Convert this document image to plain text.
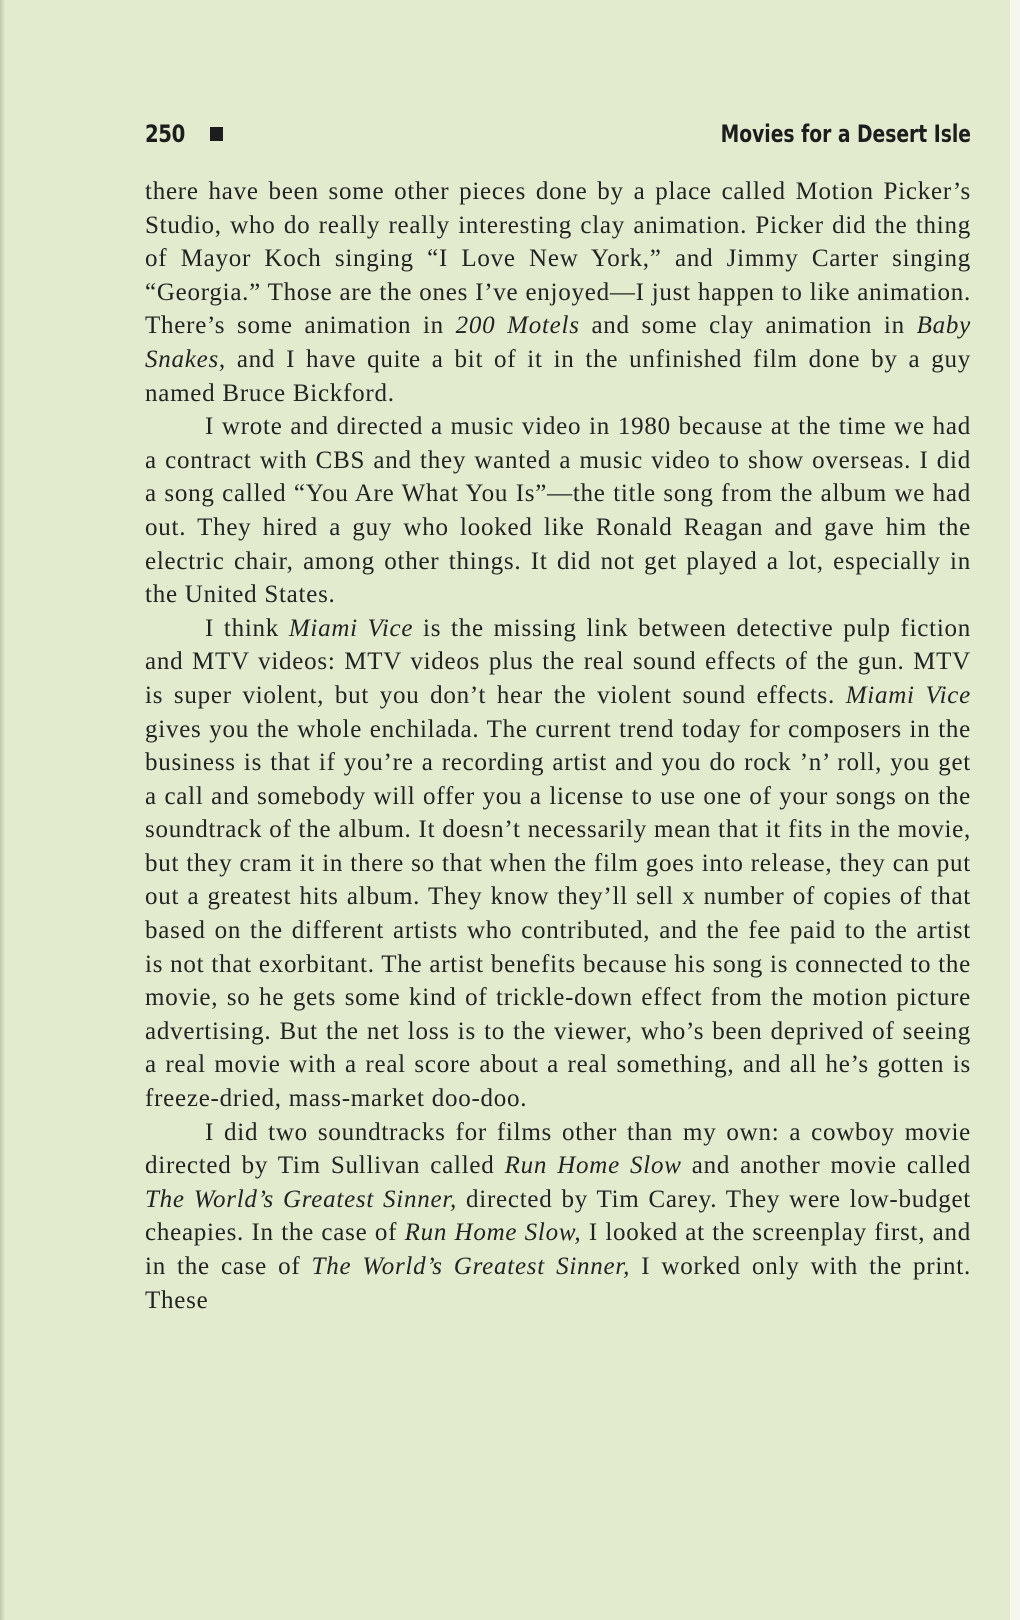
250	Movies for a Desert Isle

there have been some other pieces done by a place called Motion Picker’s Studio, who do really really interesting clay animation. Picker did the thing of Mayor Koch singing “I Love New York,” and Jimmy Carter singing “Georgia.” Those are the ones I’ve enjoyed—I just happen to like animation. There’s some animation in 200 Motels and some clay animation in Baby Snakes, and I have quite a bit of it in the unfinished film done by a guy named Bruce Bickford.

I wrote and directed a music video in 1980 because at the time we had a contract with CBS and they wanted a music video to show overseas. I did a song called “You Are What You Is”—the title song from the album we had out. They hired a guy who looked like Ronald Reagan and gave him the electric chair, among other things. It did not get played a lot, especially in the United States.

I think Miami Vice is the missing link between detective pulp fiction and MTV videos: MTV videos plus the real sound effects of the gun. MTV is super violent, but you don’t hear the violent sound effects. Miami Vice gives you the whole enchilada. The current trend today for composers in the business is that if you’re a recording artist and you do rock ’n’ roll, you get a call and somebody will offer you a license to use one of your songs on the soundtrack of the album. It doesn’t necessarily mean that it fits in the movie, but they cram it in there so that when the film goes into release, they can put out a greatest hits album. They know they’ll sell x number of copies of that based on the different artists who contributed, and the fee paid to the artist is not that exorbitant. The artist benefits because his song is connected to the movie, so he gets some kind of trickle-down effect from the motion picture advertising. But the net loss is to the viewer, who’s been deprived of seeing a real movie with a real score about a real something, and all he’s gotten is freeze-dried, mass-market doo-doo.

I did two soundtracks for films other than my own: a cowboy movie directed by Tim Sullivan called Run Home Slow and another movie called The World’s Greatest Sinner, directed by Tim Carey. They were low-budget cheapies. In the case of Run Home Slow, I looked at the screenplay first, and in the case of The World’s Greatest Sinner, I worked only with the print. These
